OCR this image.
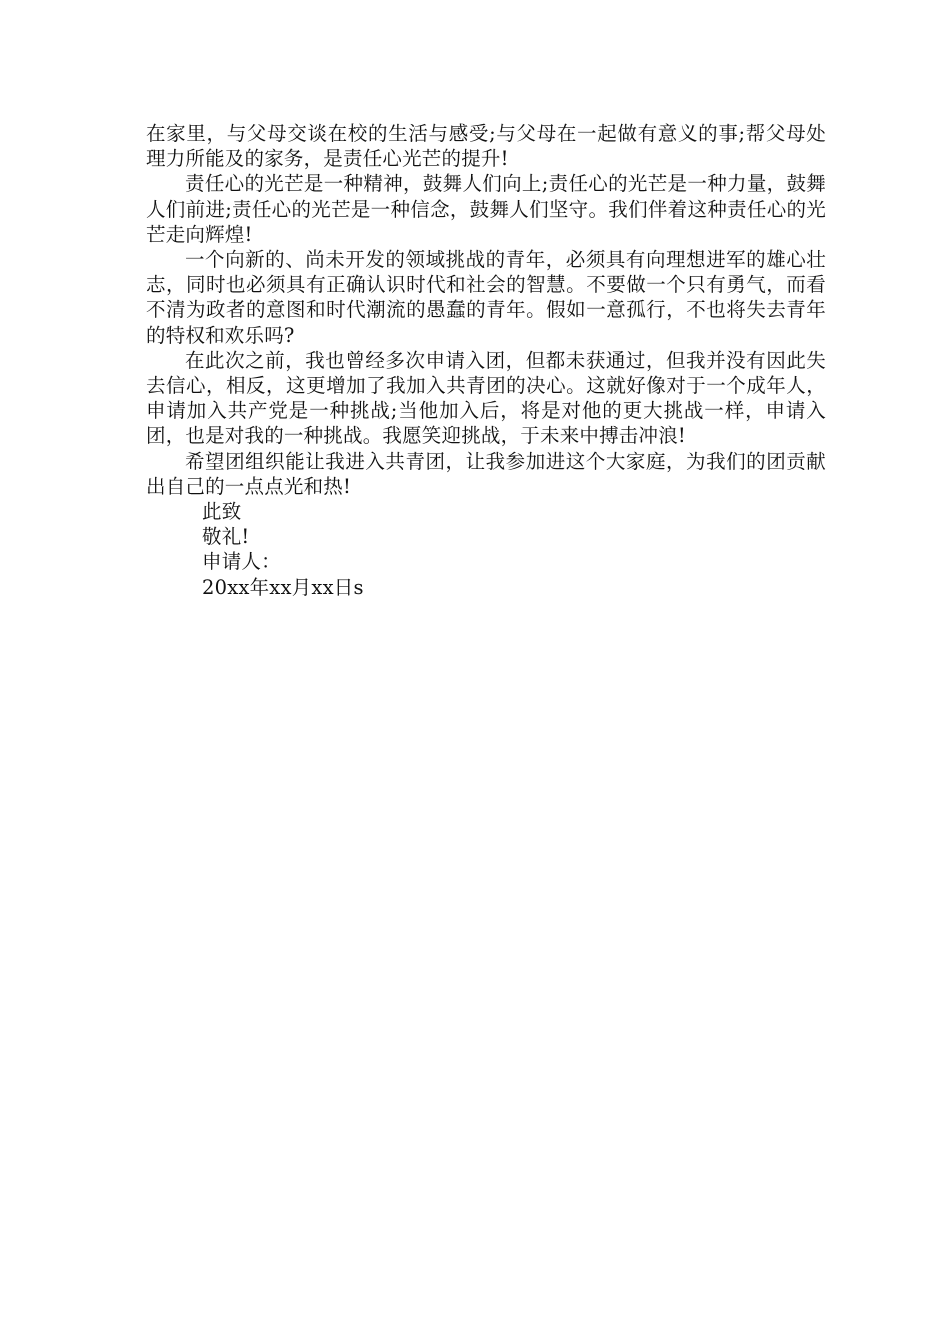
在家里，与父母交谈在校的生活与感受;与父母在一起做有意义的事;帮父母处理力所能及的家务，是责任心光芒的提升!

责任心的光芒是一种精神，鼓舞人们向上;责任心的光芒是一种力量，鼓舞人们前进;责任心的光芒是一种信念，鼓舞人们坚守。我们伴着这种责任心的光芒走向辉煌!

一个向新的、尚未开发的领域挑战的青年，必须具有向理想进军的雄心壮志，同时也必须具有正确认识时代和社会的智慧。不要做一个只有勇气，而看不清为政者的意图和时代潮流的愚蠢的青年。假如一意孤行，不也将失去青年的特权和欢乐吗?

在此次之前，我也曾经多次申请入团，但都未获通过，但我并没有因此失去信心，相反，这更增加了我加入共青团的决心。这就好像对于一个成年人，申请加入共产党是一种挑战;当他加入后，将是对他的更大挑战一样，申请入团，也是对我的一种挑战。我愿笑迎挑战，于未来中搏击冲浪!

希望团组织能让我进入共青团，让我参加进这个大家庭，为我们的团贡献出自己的一点点光和热!

此致

敬礼!

申请人：

20xx年xx月xx日s
